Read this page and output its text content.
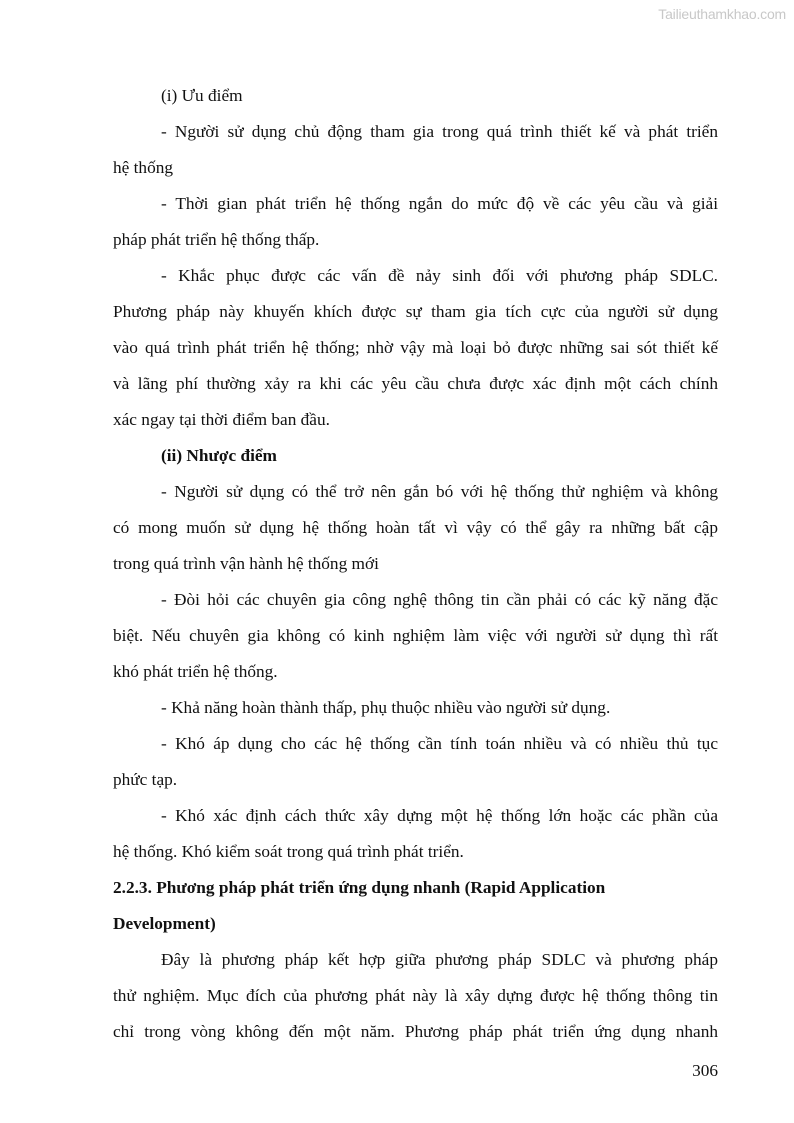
Tailieuthamkhao.com
(i) Ưu điểm
- Người sử dụng chủ động tham gia trong quá trình thiết kế và phát triển
hệ thống
- Thời gian phát triển hệ thống ngắn do mức độ về các yêu cầu và giải
pháp phát triển hệ thống thấp.
- Khắc phục được các vấn đề nảy sinh đối với phương pháp SDLC.
Phương pháp này khuyến khích được sự tham gia tích cực của người sử dụng
vào quá trình phát triển hệ thống; nhờ vậy mà loại bỏ được những sai sót thiết kế
và lãng phí thường xảy ra khi các yêu cầu chưa được xác định một cách chính
xác ngay tại thời điểm ban đầu.
(ii) Nhược điểm
- Người sử dụng có thể trở nên gắn bó với hệ thống thử nghiệm và không
có mong muốn sử dụng hệ thống hoàn tất vì vậy có thể gây ra những bất cập
trong quá trình vận hành hệ thống mới
- Đòi hỏi các chuyên gia công nghệ thông tin cần phải có các kỹ năng đặc
biệt. Nếu chuyên gia không có kinh nghiệm làm việc với người sử dụng thì rất
khó phát triển hệ thống.
- Khả năng hoàn thành thấp, phụ thuộc nhiều vào người sử dụng.
- Khó áp dụng cho các hệ thống cần tính toán nhiều và có nhiều thủ tục
phức tạp.
- Khó xác định cách thức xây dựng một hệ thống lớn hoặc các phần của
hệ thống. Khó kiểm soát trong quá trình phát triển.
2.2.3. Phương pháp phát triển ứng dụng nhanh (Rapid Application
Development)
Đây là phương pháp kết hợp giữa phương pháp SDLC và phương pháp
thử nghiệm. Mục đích của phương phát này là xây dựng được hệ thống thông tin
chỉ trong vòng không đến một năm. Phương pháp phát triển ứng dụng nhanh
306
